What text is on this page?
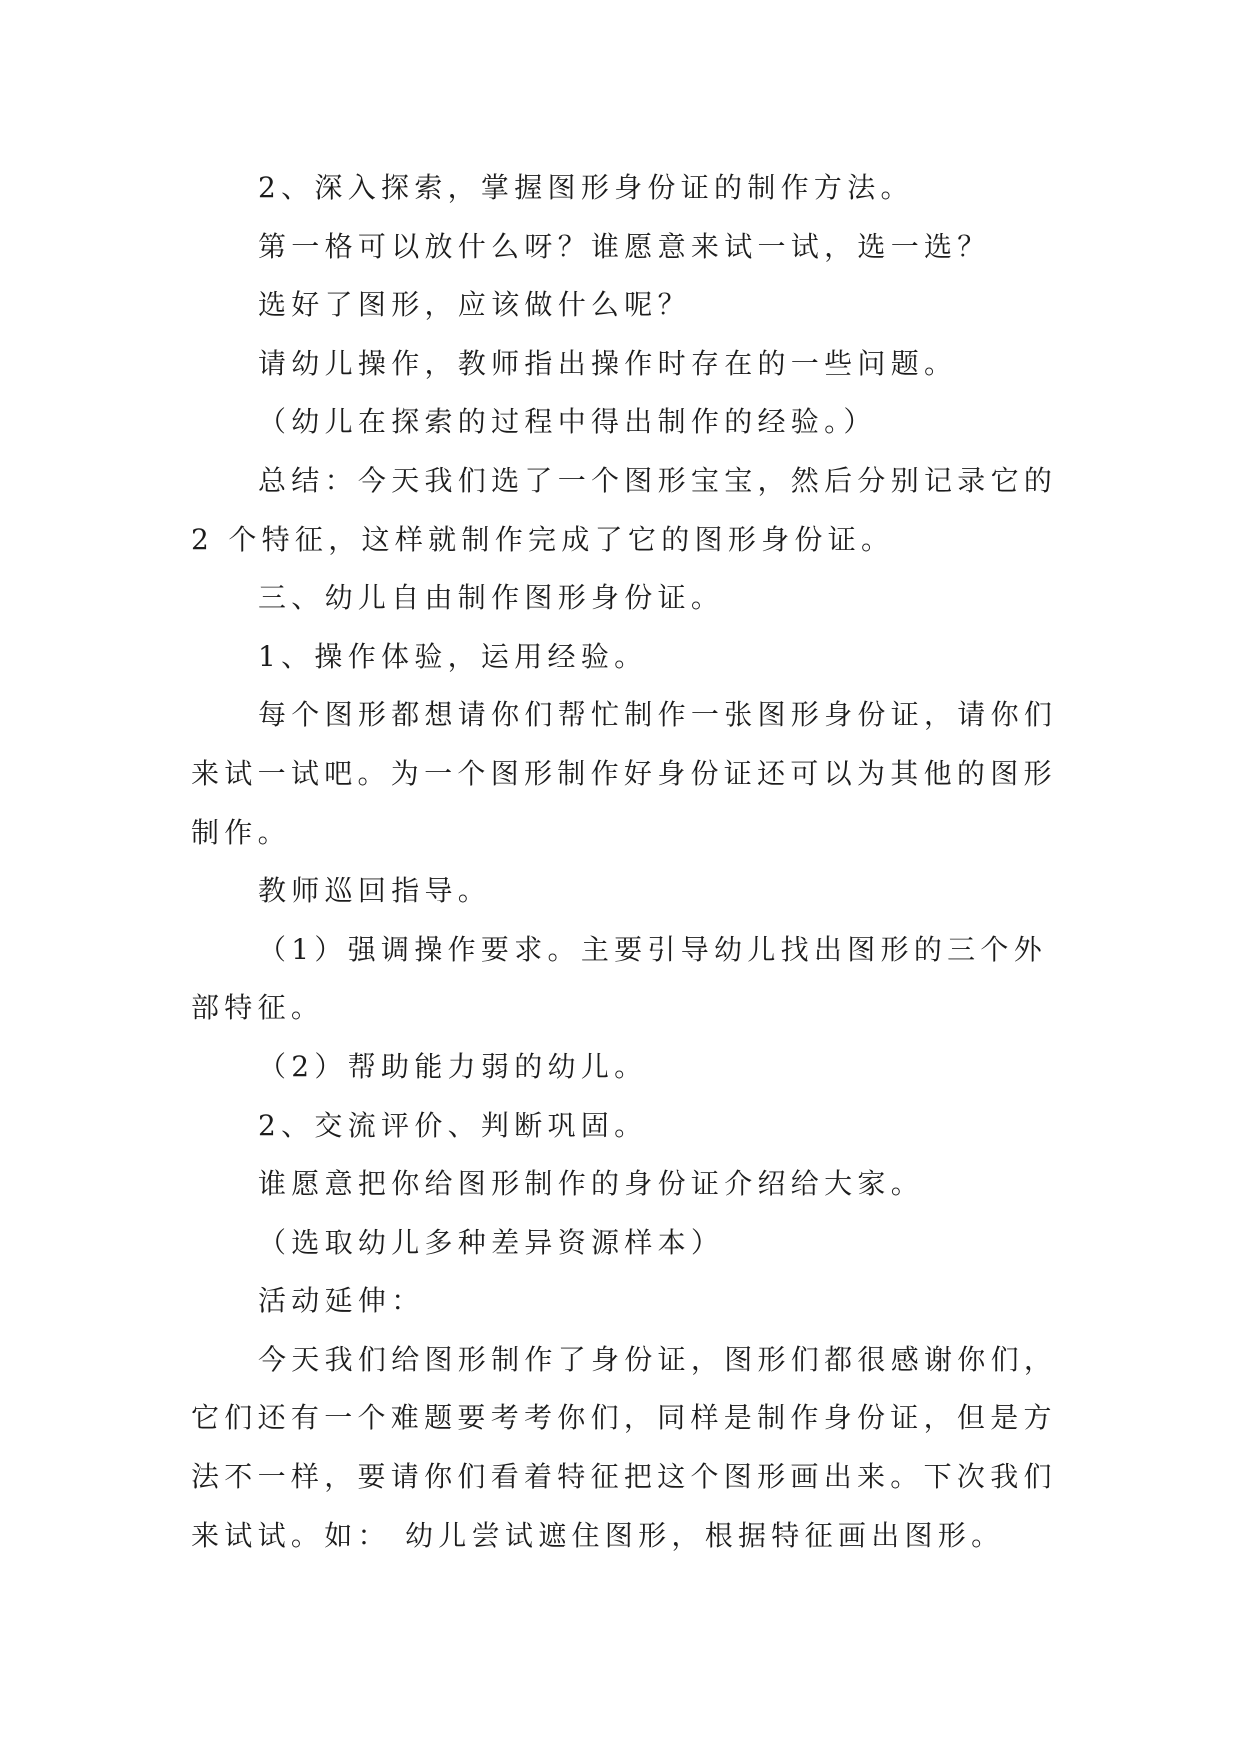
2、深入探索，掌握图形身份证的制作方法。
第一格可以放什么呀？谁愿意来试一试，选一选？
选好了图形，应该做什么呢？
请幼儿操作，教师指出操作时存在的一些问题。
（幼儿在探索的过程中得出制作的经验。）
总结：今天我们选了一个图形宝宝，然后分别记录它的
2 个特征，这样就制作完成了它的图形身份证。
三、幼儿自由制作图形身份证。
1、操作体验，运用经验。
每个图形都想请你们帮忙制作一张图形身份证，请你们
来试一试吧。为一个图形制作好身份证还可以为其他的图形
制作。
教师巡回指导。
（1）强调操作要求。主要引导幼儿找出图形的三个外
部特征。
（2）帮助能力弱的幼儿。
2、交流评价、判断巩固。
谁愿意把你给图形制作的身份证介绍给大家。
（选取幼儿多种差异资源样本）
活动延伸：
今天我们给图形制作了身份证，图形们都很感谢你们，
它们还有一个难题要考考你们，同样是制作身份证，但是方
法不一样，要请你们看着特征把这个图形画出来。下次我们
来试试。如： 幼儿尝试遮住图形，根据特征画出图形。
